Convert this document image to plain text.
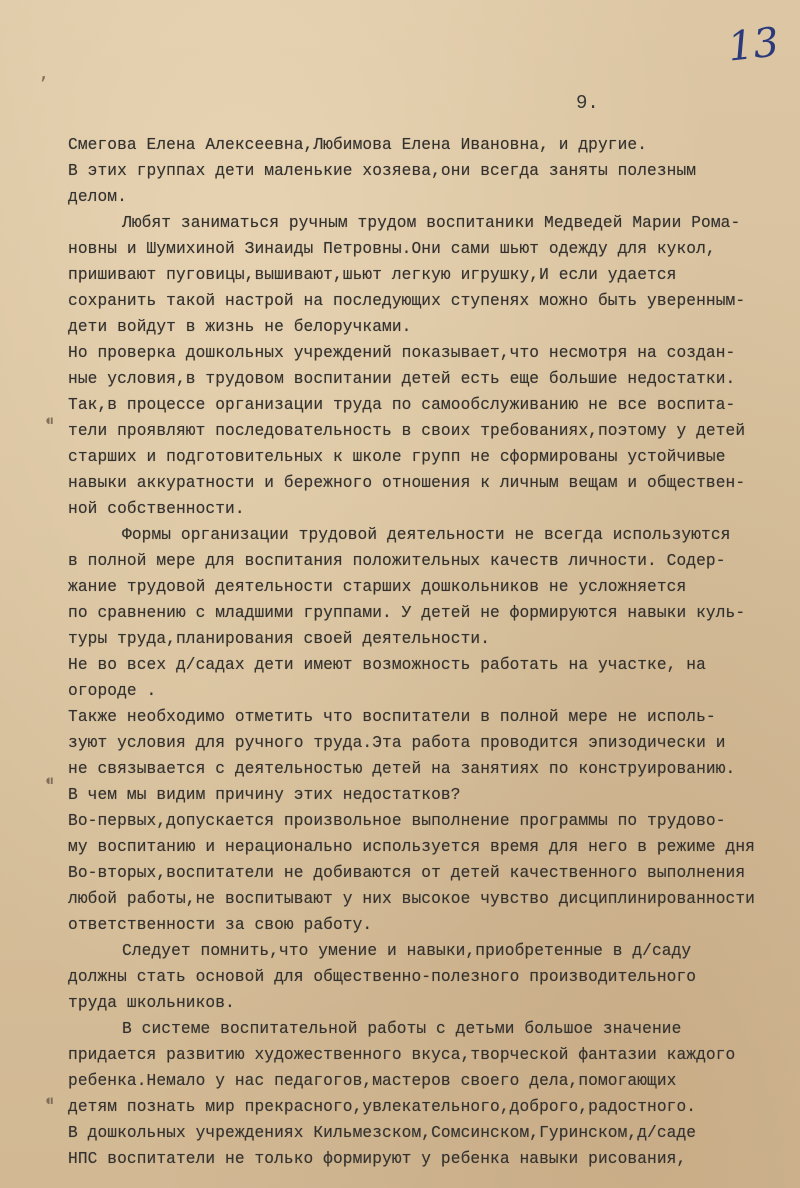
13
9.
,
⁌
⁌
⁌
Смегова Елена Алексеевна,Любимова Елена Ивановна, и другие.
В этих группах дети маленькие хозяева,они всегда заняты полезным
делом.
Любят заниматься ручным трудом воспитаники Медведей Марии Рома-
новны и Шумихиной Зинаиды Петровны.Они сами шьют одежду для кукол,
пришивают пуговицы,вышивают,шьют легкую игрушку,И если удается
сохранить такой настрой на последующих ступенях можно быть уверенным-
дети войдут в жизнь не белоручками.
Но проверка дошкольных учреждений показывает,что несмотря на создан-
ные условия,в трудовом воспитании детей есть еще большие недостатки.
Так,в процессе организации труда по самообслуживанию не все воспита-
тели проявляют последовательность в своих требованиях,поэтому у детей
старших и подготовительных к школе групп не сформированы устойчивые
навыки аккуратности и бережного отношения к личным вещам и обществен-
ной собственности.
Формы организации трудовой деятельности не всегда используются
в полной мере для воспитания положительных качеств личности. Содер-
жание трудовой деятельности старших дошкольников не усложняется
по сравнению с младшими группами. У детей не формируются навыки куль-
туры труда,планирования своей деятельности.
Не во всех д/садах дети имеют возможность работать на участке, на
огороде .
Также необходимо отметить что воспитатели в полной мере не исполь-
зуют условия для ручного труда.Эта работа проводится эпизодически и
не связывается с деятельностью детей на занятиях по конструированию.
В чем мы видим причину этих недостатков?
Во-первых,допускается произвольное выполнение программы по трудово-
му воспитанию и нерационально используется время для него в режиме дня
Во-вторых,воспитатели не добиваются от детей качественного выполнения
любой работы,не воспитывают у них высокое чувство дисциплинированности
ответственности за свою работу.
Следует помнить,что умение и навыки,приобретенные в д/саду
должны стать основой для общественно-полезного производительного
труда школьников.
В системе воспитательной работы с детьми большое значение
придается развитию художественного вкуса,творческой фантазии каждого
ребенка.Немало у нас педагогов,мастеров своего дела,помогающих
детям познать мир прекрасного,увлекательного,доброго,радостного.
В дошкольных учреждениях Кильмезском,Сомсинском,Гуринском,д/саде
НПС воспитатели не только формируют у ребенка навыки рисования,
